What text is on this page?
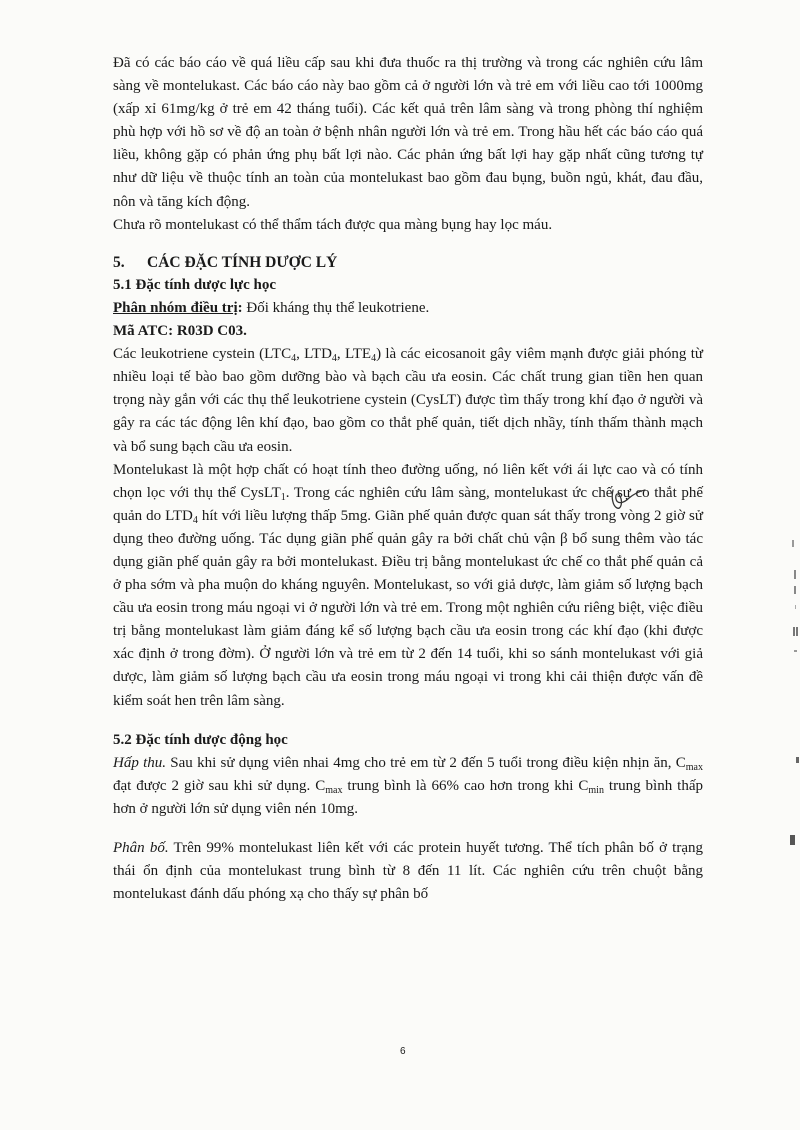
Đã có các báo cáo về quá liều cấp sau khi đưa thuốc ra thị trường và trong các nghiên cứu lâm sàng về montelukast. Các báo cáo này bao gồm cả ở người lớn và trẻ em với liều cao tới 1000mg (xấp xỉ 61mg/kg ở trẻ em 42 tháng tuổi). Các kết quả trên lâm sàng và trong phòng thí nghiệm phù hợp với hồ sơ về độ an toàn ở bệnh nhân người lớn và trẻ em. Trong hầu hết các báo cáo quá liều, không gặp có phản ứng phụ bất lợi nào. Các phản ứng bất lợi hay gặp nhất cũng tương tự như dữ liệu về thuộc tính an toàn của montelukast bao gồm đau bụng, buồn ngủ, khát, đau đầu, nôn và tăng kích động.

Chưa rõ montelukast có thể thẩm tách được qua màng bụng hay lọc máu.

5. CÁC ĐẶC TÍNH DƯỢC LÝ

5.1 Đặc tính dược lực học

Phân nhóm điều trị: Đối kháng thụ thể leukotriene.

Mã ATC: R03D C03.

Các leukotriene cystein ($LTC_4$, $LTD_4$, $LTE_4$) là các eicosanoit gây viêm mạnh được giải phóng từ nhiều loại tế bào bao gồm dưỡng bào và bạch cầu ưa eosin. Các chất trung gian tiền hen quan trọng này gắn với các thụ thể leukotriene cystein (CysLT) được tìm thấy trong khí đạo ở người và gây ra các tác động lên khí đạo, bao gồm co thắt phế quản, tiết dịch nhầy, tính thấm thành mạch và bổ sung bạch cầu ưa eosin.

Montelukast là một hợp chất có hoạt tính theo đường uống, nó liên kết với ái lực cao và có tính chọn lọc với thụ thể CysLT$_1$. Trong các nghiên cứu lâm sàng, montelukast ức chế sự co thắt phế quản do $LTD_4$ hít với liều lượng thấp 5mg. Giãn phế quản được quan sát thấy trong vòng 2 giờ sử dụng theo đường uống. Tác dụng giãn phế quản gây ra bởi chất chủ vận β bổ sung thêm vào tác dụng giãn phế quản gây ra bởi montelukast. Điều trị bằng montelukast ức chế co thắt phế quản cả ở pha sớm và pha muộn do kháng nguyên. Montelukast, so với giả dược, làm giảm số lượng bạch cầu ưa eosin trong máu ngoại vi ở người lớn và trẻ em. Trong một nghiên cứu riêng biệt, việc điều trị bằng montelukast làm giảm đáng kể số lượng bạch cầu ưa eosin trong các khí đạo (khi được xác định ở trong đờm). Ở người lớn và trẻ em từ 2 đến 14 tuổi, khi so sánh montelukast với giả dược, làm giảm số lượng bạch cầu ưa eosin trong máu ngoại vi trong khi cải thiện được vấn đề kiểm soát hen trên lâm sàng.

5.2 Đặc tính dược động học

Hấp thu. Sau khi sử dụng viên nhai 4mg cho trẻ em từ 2 đến 5 tuổi trong điều kiện nhịn ăn, $C_{max}$ đạt được 2 giờ sau khi sử dụng. $C_{max}$ trung bình là 66% cao hơn trong khi $C_{min}$ trung bình thấp hơn ở người lớn sử dụng viên nén 10mg.

Phân bố. Trên 99% montelukast liên kết với các protein huyết tương. Thể tích phân bố ở trạng thái ổn định của montelukast trung bình từ 8 đến 11 lít. Các nghiên cứu trên chuột bằng montelukast đánh dấu phóng xạ cho thấy sự phân bố

6
